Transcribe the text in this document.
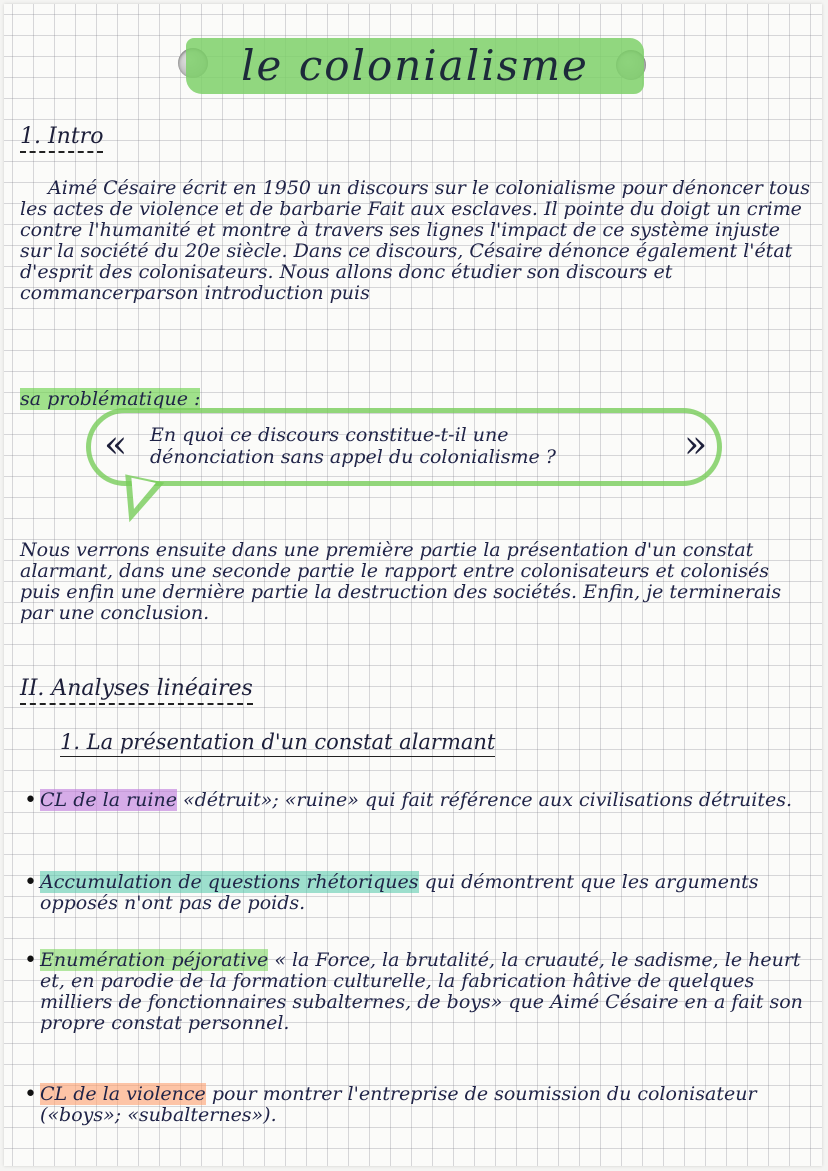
le colonialisme
1. Intro

Aimé Césaire écrit en 1950 un discours sur le colonialisme pour dénoncer tous les actes de violence et de barbarie Fait aux esclaves. Il pointe du doigt un crime contre l'humanité et montre à travers ses lignes l'impact de ce système injuste sur la société du 20e siècle. Dans ce discours, Césaire dénonce également l'état d'esprit des colonisateurs. Nous allons donc étudier son discours et commancerparson introduction puis

sa problématique :
«	»
En quoi ce discours constitue-t-il une
dénonciation sans appel du colonialisme ?

Nous verrons ensuite dans une première partie la présentation d'un constat alarmant, dans une seconde partie le rapport entre colonisateurs et colonisés puis enfin une dernière partie la destruction des sociétés. Enfin, je terminerais par une conclusion.

II. Analyses linéaires
1. La présentation d'un constat alarmant
• CL de la ruine «détruit»; «ruine» qui fait référence aux civilisations détruites.

• Accumulation de questions rhétoriques qui démontrent que les arguments opposés n'ont pas de poids.

• Enumération péjorative « la Force, la brutalité, la cruauté, le sadisme, le heurt et, en parodie de la formation culturelle, la fabrication hâtive de quelques milliers de fonctionnaires subalternes, de boys» que Aimé Césaire en a fait son propre constat personnel.

• CL de la violence pour montrer l'entreprise de soumission du colonisateur («boys»; «subalternes»).
